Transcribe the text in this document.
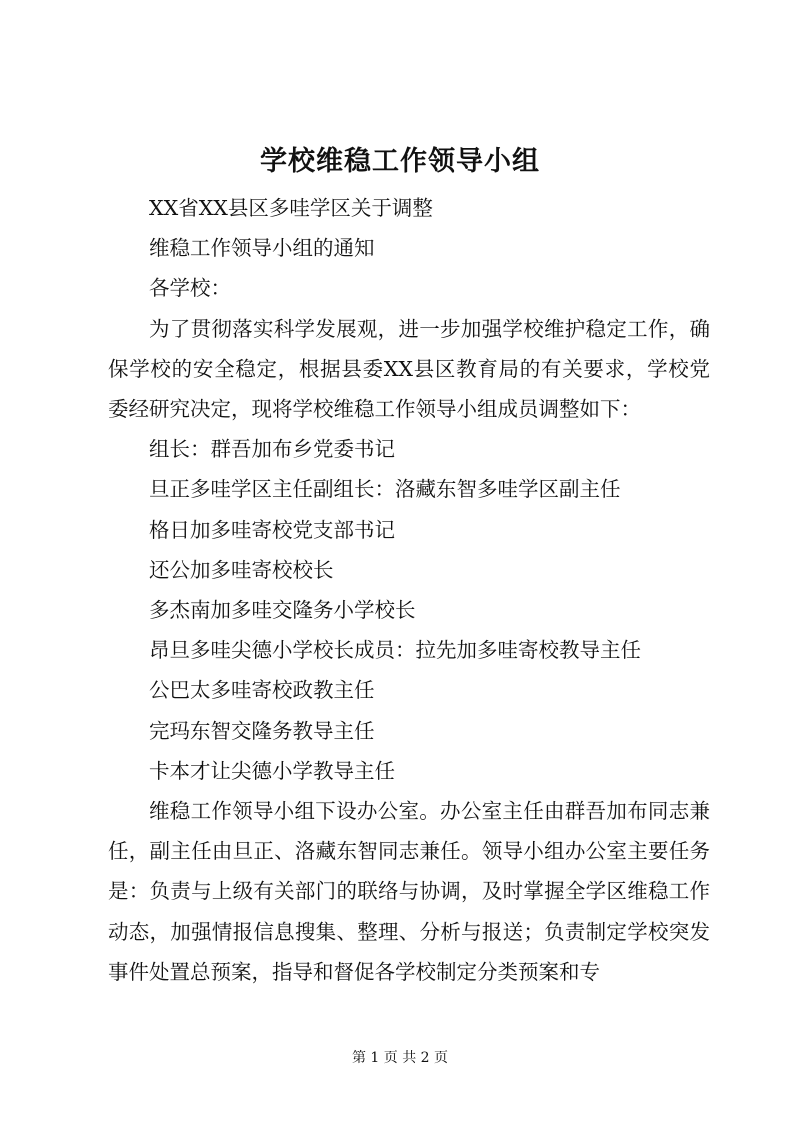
学校维稳工作领导小组

XX省XX县区多哇学区关于调整

维稳工作领导小组的通知

各学校：

为了贯彻落实科学发展观，进一步加强学校维护稳定工作，确保学校的安全稳定，根据县委XX县区教育局的有关要求，学校党委经研究决定，现将学校维稳工作领导小组成员调整如下：

组长：群吾加布乡党委书记

旦正多哇学区主任副组长：洛藏东智多哇学区副主任

格日加多哇寄校党支部书记

还公加多哇寄校校长

多杰南加多哇交隆务小学校长

昂旦多哇尖德小学校长成员：拉先加多哇寄校教导主任

公巴太多哇寄校政教主任

完玛东智交隆务教导主任

卡本才让尖德小学教导主任

维稳工作领导小组下设办公室。办公室主任由群吾加布同志兼任，副主任由旦正、洛藏东智同志兼任。领导小组办公室主要任务是：负责与上级有关部门的联络与协调，及时掌握全学区维稳工作动态，加强情报信息搜集、整理、分析与报送；负责制定学校突发事件处置总预案，指导和督促各学校制定分类预案和专

第 1 页 共 2 页
